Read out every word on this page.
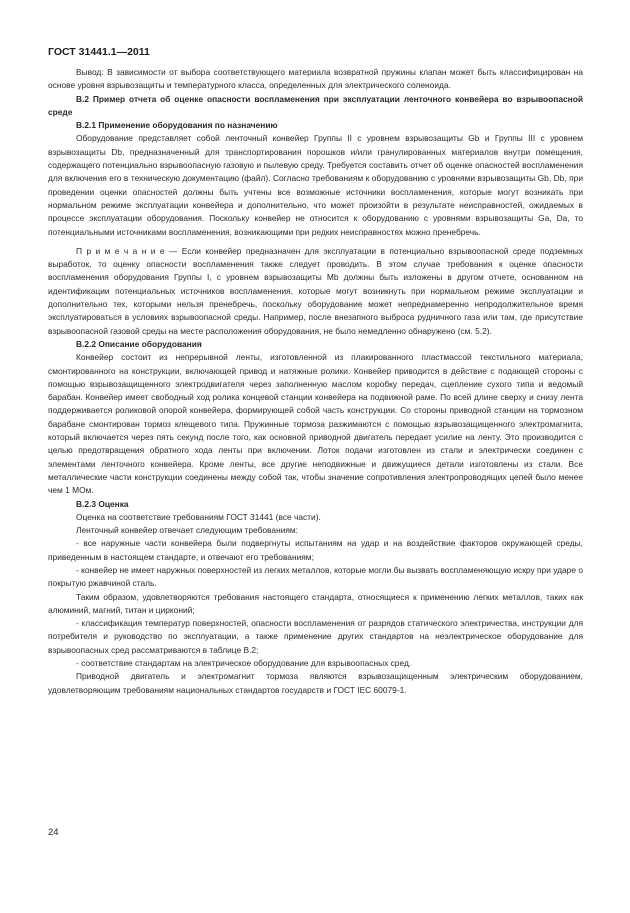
ГОСТ 31441.1—2011

Вывод: В зависимости от выбора соответствующего материала возвратной пружины клапан может быть классифицирован на основе уровня взрывозащиты и температурного класса, определенных для электрического соленоида.

В.2 Пример отчета об оценке опасности воспламенения при эксплуатации ленточного конвейера во взрывоопасной среде

В.2.1 Применение оборудования по назначению

Оборудование представляет собой ленточный конвейер Группы II с уровнем взрывозащиты Gb и Группы III с уровнем взрывозащиты Db, предназначенный для транспортирования порошков и/или гранулированных материалов внутри помещения, содержащего потенциально взрывоопасную газовую и пылевую среду. Требуется составить отчет об оценке опасностей воспламенения для включения его в техническую документацию (файл). Согласно требованиям к оборудованию с уровнями взрывозащиты Gb, Db, при проведении оценки опасностей должны быть учтены все возможные источники воспламенения, которые могут возникать при нормальном режиме эксплуатации конвейера и дополнительно, что может произойти в результате неисправностей, ожидаемых в процессе эксплуатации оборудования. Поскольку конвейер не относится к оборудованию с уровнями взрывозащиты Ga, Da, то потенциальными источниками воспламенения, возникающими при редких неисправностях можно пренебречь.

П р и м е ч а н и е — Если конвейер предназначен для эксплуатации в потенциально взрывоопасной среде подземных выработок, то оценку опасности воспламенения также следует проводить. В этом случае требования к оценке опасности воспламенения оборудования Группы I, с уровнем взрывозащиты Mb должны быть изложены в другом отчете, основанном на идентификации потенциальных источников воспламенения, которые могут возникнуть при нормальном режиме эксплуатации и дополнительно тех, которыми нельзя пренебречь, поскольку оборудование может непреднамеренно непродолжительное время эксплуатироваться в условиях взрывоопасной среды. Например, после внезапного выброса рудничного газа или там, где присутствие взрывоопасной газовой среды на месте расположения оборудования, не было немедленно обнаружено (см. 5.2).

В.2.2 Описание оборудования

Конвейер состоит из непрерывной ленты, изготовленной из плакированного пластмассой текстильного материала, смонтированного на конструкции, включающей привод и натяжные ролики. Конвейер приводится в действие с подающей стороны с помощью взрывозащищенного электродвигателя через заполненную маслом коробку передач, сцепление сухого типа и ведомый барабан. Конвейер имеет свободный ход ролика концевой станции конвейера на подвижной раме. По всей длине сверху и снизу лента поддерживается роликовой опорой конвейера, формирующей собой часть конструкции. Со стороны приводной станции на тормозном барабане смонтирован тормоз клещевого типа. Пружинные тормоза разжимаются с помощью взрывозащищенного электромагнита, который включается через пять секунд после того, как основной приводной двигатель передает усилие на ленту. Это производится с целью предотвращения обратного хода ленты при включении. Лоток подачи изготовлен из стали и электрически соединен с элементами ленточного конвейера. Кроме ленты, все другие неподвижные и движущиеся детали изготовлены из стали. Все металлические части конструкции соединены между собой так, чтобы значение сопротивления электропроводящих цепей было менее чем 1 МОм.

В.2.3 Оценка

Оценка на соответствие требованиям ГОСТ 31441 (все части).

Ленточный конвейер отвечает следующим требованиям:

- все наружные части конвейера были подвергнуты испытаниям на удар и на воздействие факторов окружающей среды, приведенным в настоящем стандарте, и отвечают его требованиям;

- конвейер не имеет наружных поверхностей из легких металлов, которые могли бы вызвать воспламеняющую искру при ударе о покрытую ржавчиной сталь.

Таким образом, удовлетворяются требования настоящего стандарта, относящиеся к применению легких металлов, таких как алюминий, магний, титан и цирконий;

- классификация температур поверхностей, опасности воспламенения от разрядов статического электричества, инструкции для потребителя и руководство по эксплуатации, а также применение других стандартов на неэлектрическое оборудование для взрывоопасных сред рассматриваются в таблице В.2;

- соответствие стандартам на электрическое оборудование для взрывоопасных сред.

Приводной двигатель и электромагнит тормоза являются взрывозащищенным электрическим оборудованием, удовлетворяющим требованиям национальных стандартов государств и ГОСТ IEC 60079-1.

24
